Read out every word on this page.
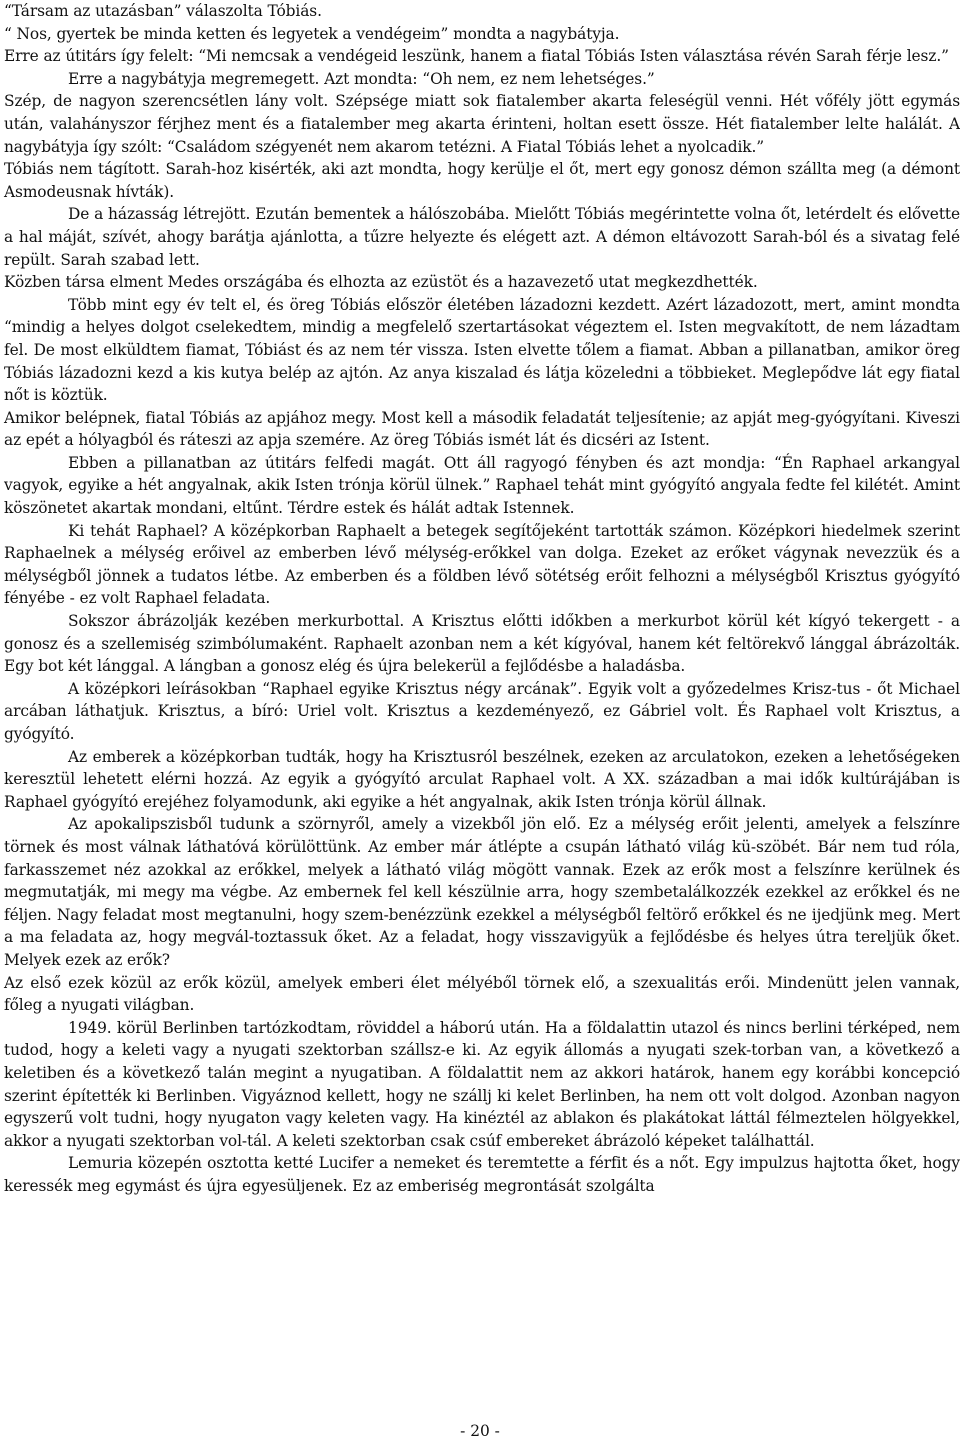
“Társam az utazásban” válaszolta Tóbiás.

“ Nos, gyertek be minda ketten és legyetek a vendégeim” mondta a nagybátyja.

Erre az útitárs így felelt: “Mi nemcsak a vendégeid leszünk, hanem a fiatal Tóbiás Isten választása révén Sarah férje lesz.”

Erre a nagybátyja megremegett. Azt mondta: “Oh nem, ez nem lehetséges.”

Szép, de nagyon szerencsétlen lány volt. Szépsége miatt sok fiatalember akarta feleségül venni. Hét vőfély jött egymás után, valahányszor férjhez ment és a fiatalember meg akarta érinteni, holtan esett össze. Hét fiatalember lelte halálát. A nagybátyja így szólt: “Családom szégyenét nem akarom tetézni. A Fiatal Tóbiás lehet a nyolcadik.”

Tóbiás nem tágított. Sarah-hoz kisérték, aki azt mondta, hogy kerülje el őt, mert egy gonosz démon szállta meg (a démont Asmodeusnak hívták).

De a házasság létrejött. Ezután bementek a hálószobába. Mielőtt Tóbiás megérintette volna őt, letérdelt és elővette a hal máját, szívét, ahogy barátja ajánlotta, a tűzre helyezte és elégett azt. A démon eltávozott Sarah-ból és a sivatag felé repült. Sarah szabad lett.

Közben társa elment Medes országába és elhozta az ezüstöt és a hazavezető utat megkezdhették.

Több mint egy év telt el, és öreg Tóbiás először életében lázadozni kezdett. Azért lázadozott, mert, amint mondta “mindig a helyes dolgot cselekedtem, mindig a megfelelő szertartásokat végeztem el. Isten megvakított, de nem lázadtam fel. De most elküldtem fiamat, Tóbiást és az nem tér vissza. Isten elvette tőlem a fiamat. Abban a pillanatban, amikor öreg Tóbiás lázadozni kezd a kis kutya belép az ajtón. Az anya kiszalad és látja közeledni a többieket. Meglepődve lát egy fiatal nőt is köztük.

Amikor belépnek, fiatal Tóbiás az apjához megy. Most kell a második feladatát teljesítenie; az apját meg-gyógyítani. Kiveszi az epét a hólyagból és ráteszi az apja szemére. Az öreg Tóbiás ismét lát és dicséri az Istent.

Ebben a pillanatban az útitárs felfedi magát. Ott áll ragyogó fényben és azt mondja: “Én Raphael arkangyal vagyok, egyike a hét angyalnak, akik Isten trónja körül ülnek.” Raphael tehát mint gyógyító angyala fedte fel kilétét. Amint köszönetet akartak mondani, eltűnt. Térdre estek és hálát adtak Istennek.

Ki tehát Raphael? A középkorban Raphaelt a betegek segítőjeként tartották számon. Középkori hiedelmek szerint Raphaelnek a mélység erőivel az emberben lévő mélység-erőkkel van dolga. Ezeket az erőket vágynak nevezzük és a mélységből jönnek a tudatos létbe. Az emberben és a földben lévő sötétség erőit felhozni a mélységből Krisztus gyógyító fényébe - ez volt Raphael feladata.

Sokszor ábrázolják kezében merkurbottal. A Krisztus előtti időkben a merkurbot körül két kígyó tekergett - a gonosz és a szellemiség szimbólumaként. Raphaelt azonban nem a két kígyóval, hanem két feltörekvő lánggal ábrázolták. Egy bot két lánggal. A lángban a gonosz elég és újra belekerül a fejlődésbe a haladásba.

A középkori leírásokban “Raphael egyike Krisztus négy arcának”. Egyik volt a győzedelmes Krisz-tus - őt Michael arcában láthatjuk. Krisztus, a bíró: Uriel volt. Krisztus a kezdeményező, ez Gábriel volt. És Raphael volt Krisztus, a gyógyító.

Az emberek a középkorban tudták, hogy ha Krisztusról beszélnek, ezeken az arculatokon, ezeken a lehetőségeken keresztül lehetett elérni hozzá. Az egyik a gyógyító arculat Raphael volt. A XX. században a mai idők kultúrájában is Raphael gyógyító erejéhez folyamodunk, aki egyike a hét angyalnak, akik Isten trónja körül állnak.

Az apokalipszisből tudunk a szörnyről, amely a vizekből jön elő. Ez a mélység erőit jelenti, amelyek a felszínre törnek és most válnak láthatóvá körülöttünk. Az ember már átlépte a csupán látható világ kü-szöbét. Bár nem tud róla, farkasszemet néz azokkal az erőkkel, melyek a látható világ mögött vannak. Ezek az erők most a felszínre kerülnek és megmutatják, mi megy ma végbe. Az embernek fel kell készülnie arra, hogy szembetalálkozzék ezekkel az erőkkel és ne féljen. Nagy feladat most megtanulni, hogy szem-benézzünk ezekkel a mélységből feltörő erőkkel és ne ijedjünk meg. Mert a ma feladata az, hogy megvál-toztassuk őket. Az a feladat, hogy visszavigyük a fejlődésbe és helyes útra tereljük őket. Melyek ezek az erők?

Az első ezek közül az erők közül, amelyek emberi élet mélyéből törnek elő, a szexualitás erői. Mindenütt jelen vannak, főleg a nyugati világban.

1949. körül Berlinben tartózkodtam, röviddel a háború után. Ha a földalattin utazol és nincs berlini térképed, nem tudod, hogy a keleti vagy a nyugati szektorban szállsz-e ki. Az egyik állomás a nyugati szek-torban van, a következő a keletiben és a következő talán megint a nyugatiban. A földalattit nem az akkori határok, hanem egy korábbi koncepció szerint építették ki Berlinben. Vigyáznod kellett, hogy ne szállj ki kelet Berlinben, ha nem ott volt dolgod. Azonban nagyon egyszerű volt tudni, hogy nyugaton vagy keleten vagy. Ha kinéztél az ablakon és plakátokat láttál félmeztelen hölgyekkel, akkor a nyugati szektorban vol-tál. A keleti szektorban csak csúf embereket ábrázoló képeket találhattál.

Lemuria közepén osztotta ketté Lucifer a nemeket és teremtette a férfit és a nőt. Egy impulzus hajtotta őket, hogy keressék meg egymást és újra egyesüljenek. Ez az emberiség megrontását szolgálta

- 20 -
